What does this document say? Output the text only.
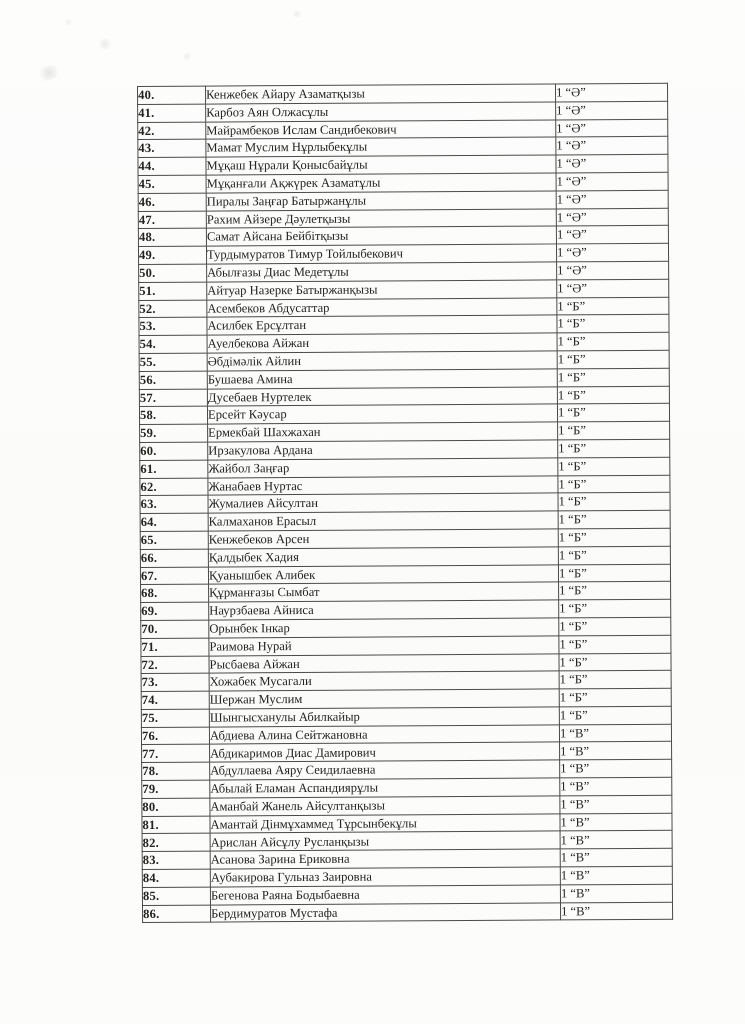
40.	Кенжебек Айару Азаматқызы	1 “Ә”
41.	Карбоз Аян Олжасұлы	1 “Ә”
42.	Майрамбеков Ислам Сандибекович	1 “Ә”
43.	Мамат Муслим Нұрлыбекұлы	1 “Ә”
44.	Мұқаш Нұрали Қонысбайұлы	1 “Ә”
45.	Мұқанғали Ақжүрек Азаматұлы	1 “Ә”
46.	Пиралы Заңғар Батыржанұлы	1 “Ә”
47.	Рахим Айзере Дәулетқызы	1 “Ә”
48.	Самат Айсана Бейбітқызы	1 “Ә”
49.	Турдымуратов Тимур Тойлыбекович	1 “Ә”
50.	Абылғазы Диас Медетұлы	1 “Ә”
51.	Айтуар Назерке Батыржанқызы	1 “Ә”
52.	Асембеков Абдусаттар	1 “Б”
53.	Асилбек Ерсұлтан	1 “Б”
54.	Ауелбекова Айжан	1 “Б”
55.	Әбдімәлік Айлин	1 “Б”
56.	Бушаева Амина	1 “Б”
57.	Дусебаев Нуртелек	1 “Б”
58.	Ерсейт Кәусар	1 “Б”
59.	Ермекбай Шахжахан	1 “Б”
60.	Ирзакулова Ардана	1 “Б”
61.	Жайбол Заңғар	1 “Б”
62.	Жанабаев Нуртас	1 “Б”
63.	Жумалиев Айсултан	1 “Б”
64.	Калмаханов Ерасыл	1 “Б”
65.	Кенжебеков Арсен	1 “Б”
66.	Қалдыбек Хадия	1 “Б”
67.	Қуанышбек Алибек	1 “Б”
68.	Құрманғазы Сымбат	1 “Б”
69.	Наурзбаева Айниса	1 “Б”
70.	Орынбек Інкар	1 “Б”
71.	Раимова Нурай	1 “Б”
72.	Рысбаева Айжан	1 “Б”
73.	Хожабек Мусагали	1 “Б”
74.	Шержан Муслим	1 “Б”
75.	Шынгысханулы Абилкайыр	1 “Б”
76.	Абдиева Алина Сейтжановна	1 “В”
77.	Абдикаримов Диас Дамирович	1 “В”
78.	Абдуллаева Аяру Сеидилаевна	1 “В”
79.	Абылай Еламан Аспандиярұлы	1 “В”
80.	Аманбай Жанель Айсултанқызы	1 “В”
81.	Амантай Дінмұхаммед Тұрсынбекұлы	1 “В”
82.	Арислан Айсұлу Русланқызы	1 “В”
83.	Асанова Зарина Ериковна	1 “В”
84.	Аубакирова Гульназ Заировна	1 “В”
85.	Бегенова Раяна Бодыбаевна	1 “В”
86.	Бердимуратов Мустафа	1 “В”
